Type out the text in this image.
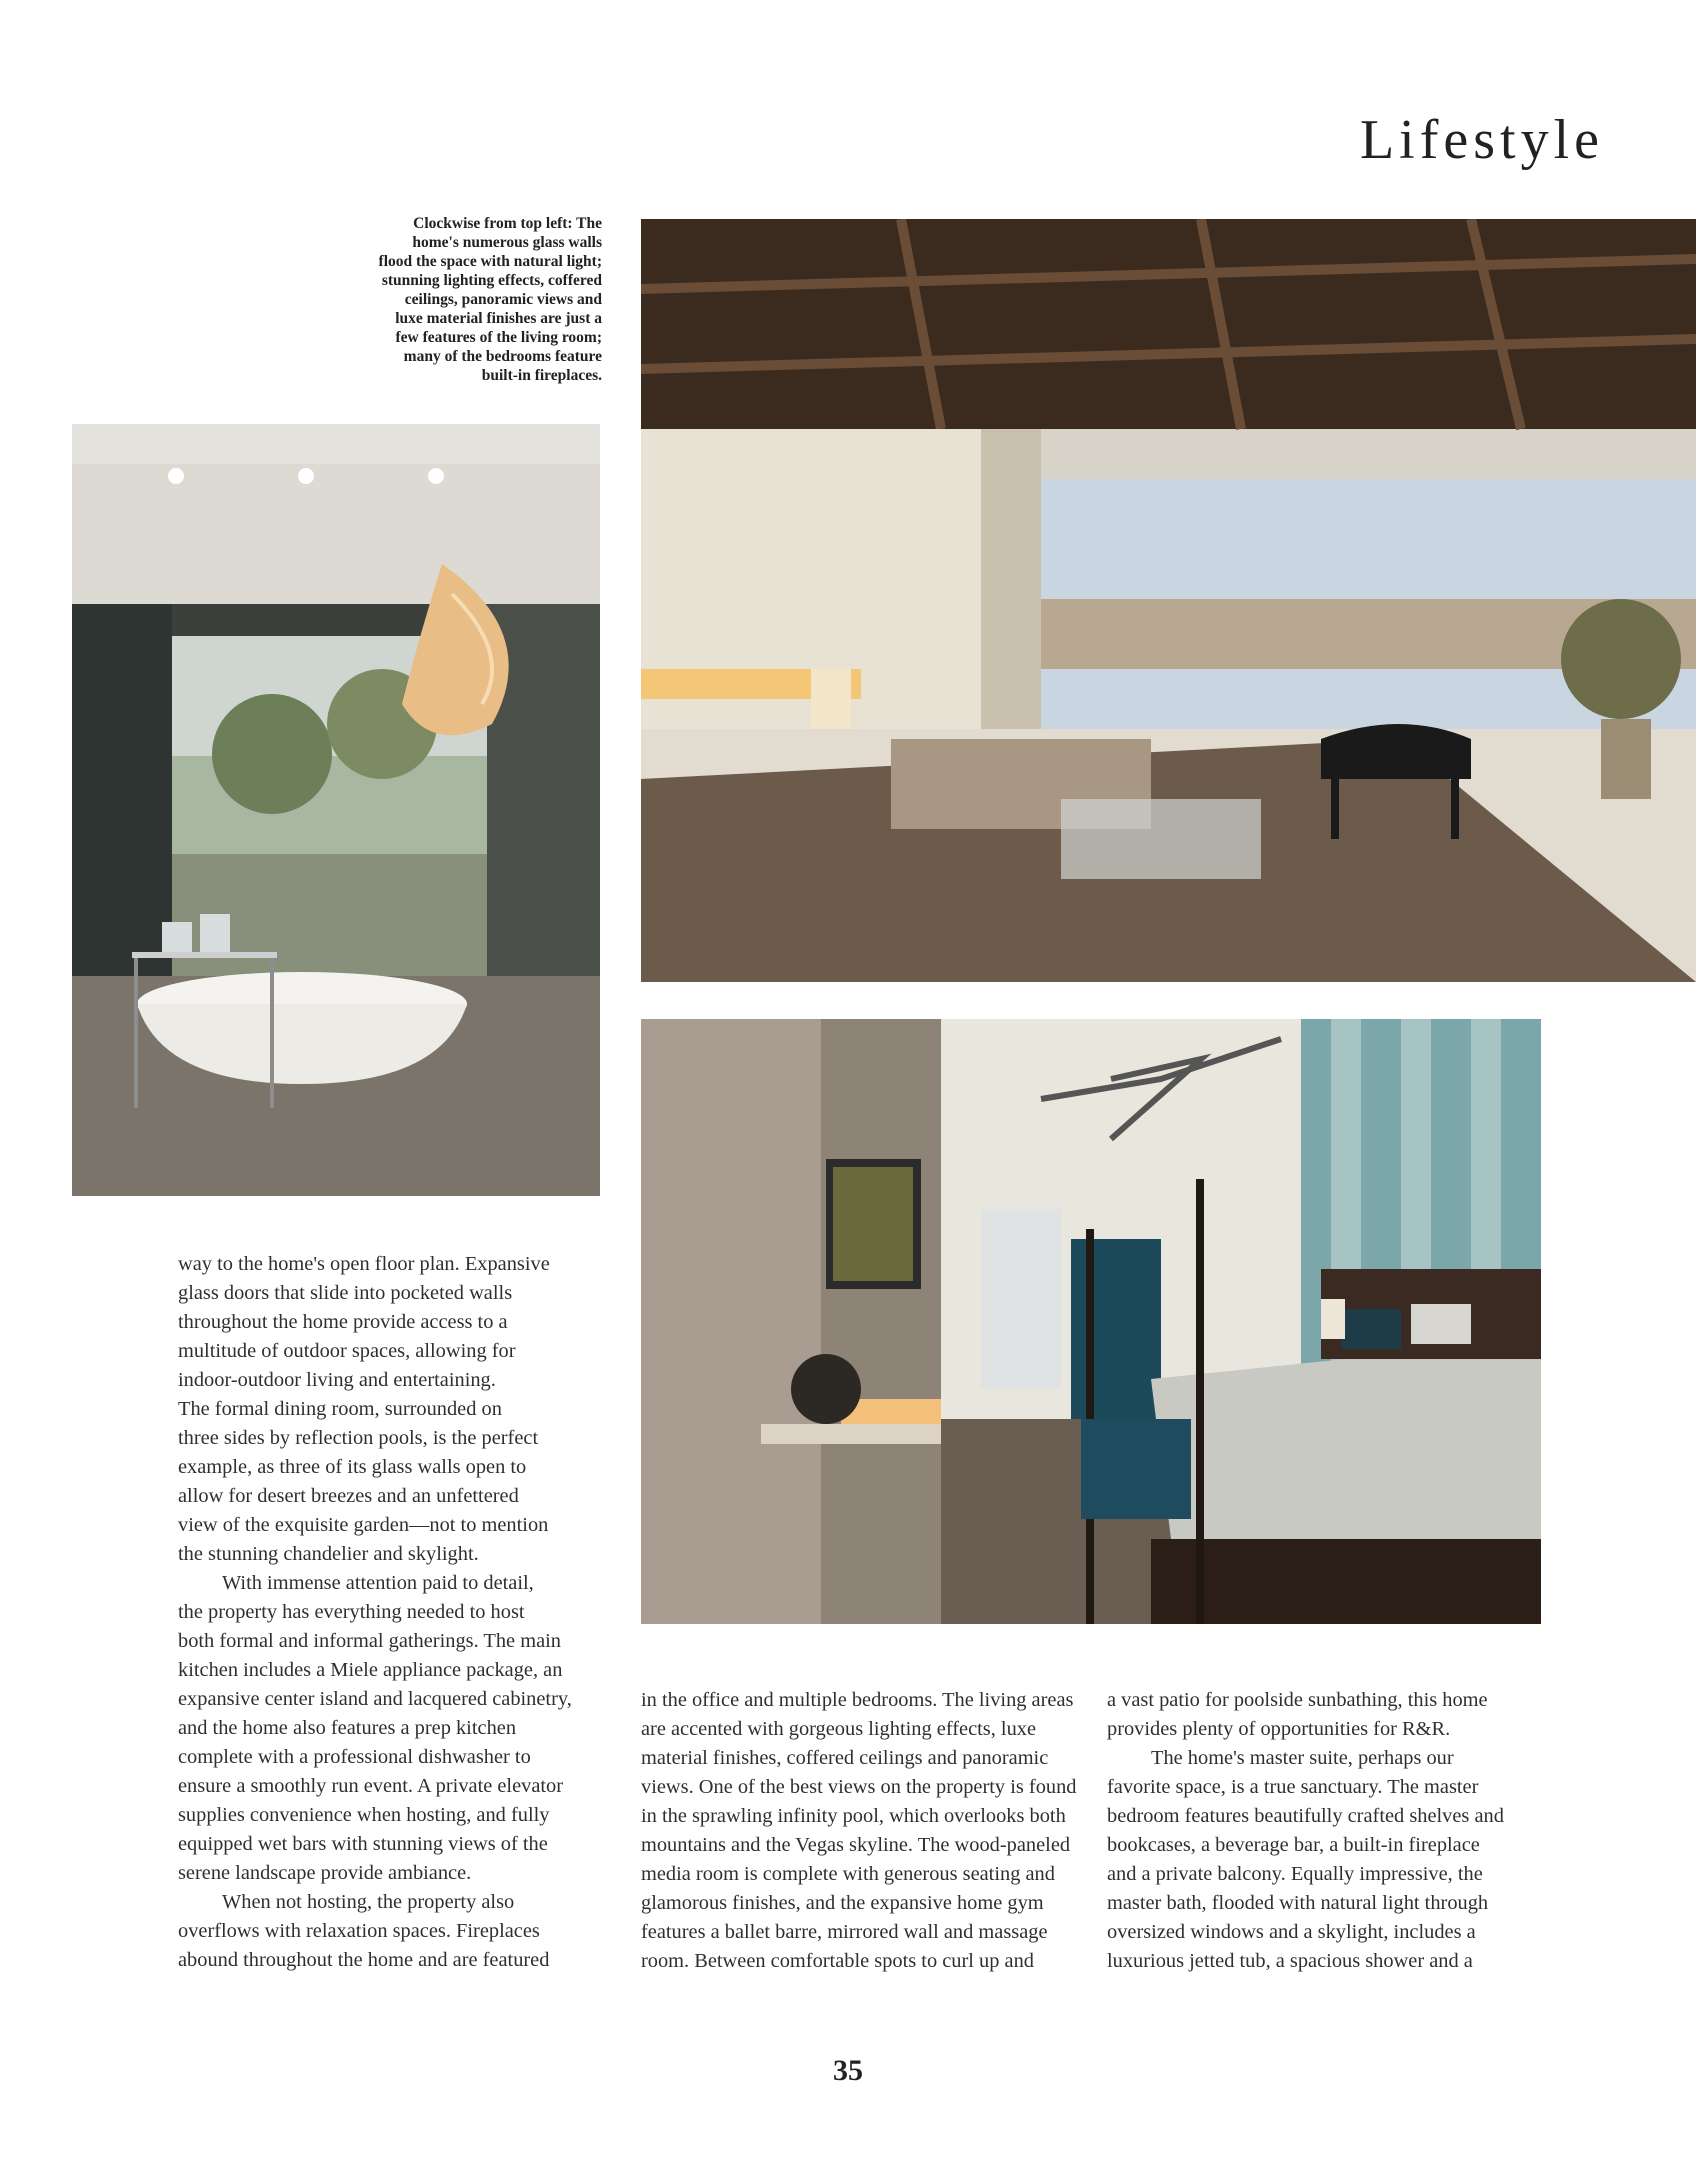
Lifestyle
Clockwise from top left: The
home's numerous glass walls
flood the space with natural light;
stunning lighting effects, coffered
ceilings, panoramic views and
luxe material finishes are just a
few features of the living room;
many of the bedrooms feature
built-in fireplaces.
way to the home's open floor plan. Expansive
glass doors that slide into pocketed walls
throughout the home provide access to a
multitude of outdoor spaces, allowing for
indoor-outdoor living and entertaining.
The formal dining room, surrounded on
three sides by reflection pools, is the perfect
example, as three of its glass walls open to
allow for desert breezes and an unfettered
view of the exquisite garden—not to mention
the stunning chandelier and skylight.
With immense attention paid to detail,
the property has everything needed to host
both formal and informal gatherings. The main
kitchen includes a Miele appliance package, an
expansive center island and lacquered cabinetry,
and the home also features a prep kitchen
complete with a professional dishwasher to
ensure a smoothly run event. A private elevator
supplies convenience when hosting, and fully
equipped wet bars with stunning views of the
serene landscape provide ambiance.
When not hosting, the property also
overflows with relaxation spaces. Fireplaces
abound throughout the home and are featured
in the office and multiple bedrooms. The living areas
are accented with gorgeous lighting effects, luxe
material finishes, coffered ceilings and panoramic
views. One of the best views on the property is found
in the sprawling infinity pool, which overlooks both
mountains and the Vegas skyline. The wood-paneled
media room is complete with generous seating and
glamorous finishes, and the expansive home gym
features a ballet barre, mirrored wall and massage
room. Between comfortable spots to curl up and
a vast patio for poolside sunbathing, this home
provides plenty of opportunities for R&R.
The home's master suite, perhaps our
favorite space, is a true sanctuary. The master
bedroom features beautifully crafted shelves and
bookcases, a beverage bar, a built-in fireplace
and a private balcony. Equally impressive, the
master bath, flooded with natural light through
oversized windows and a skylight, includes a
luxurious jetted tub, a spacious shower and a
35
